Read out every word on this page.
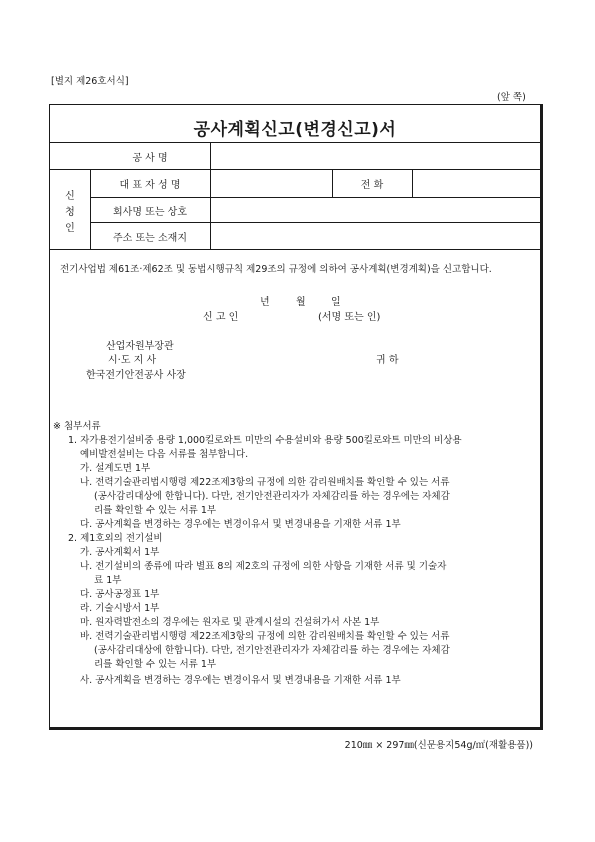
[별지 제26호서식]
(앞 쪽)
공사계획신고(변경신고)서
공 사 명
신
청
인
대 표 자 성 명	전 화
회사명 또는 상호
주소 또는 소재지
전기사업법 제61조·제62조 및 동법시행규칙 제29조의 규정에 의하여 공사계획(변경계획)을 신고합니다.
년	월	일
신 고 인	(서명 또는 인)
산업자원부장관
시·도 지 사	귀 하
한국전기안전공사 사장
※ 첨부서류
1. 자가용전기설비중 용량 1,000킬로와트 미만의 수용설비와 용량 500킬로와트 미만의 비상용
예비발전설비는 다음 서류를 첨부합니다.
가. 설계도면 1부
나. 전력기술관리법시행령 제22조제3항의 규정에 의한 감리원배치를 확인할 수 있는 서류
(공사감리대상에 한합니다). 다만, 전기안전관리자가 자체감리를 하는 경우에는 자체감
리를 확인할 수 있는 서류 1부
다. 공사계획을 변경하는 경우에는 변경이유서 및 변경내용을 기재한 서류 1부
2. 제1호외의 전기설비
가. 공사계획서 1부
나. 전기설비의 종류에 따라 별표 8의 제2호의 규정에 의한 사항을 기재한 서류 및 기술자
료 1부
다. 공사공정표 1부
라. 기술시방서 1부
마. 원자력발전소의 경우에는 원자로 및 관계시설의 건설허가서 사본 1부
바. 전력기술관리법시행령 제22조제3항의 규정에 의한 감리원배치를 확인할 수 있는 서류
(공사감리대상에 한합니다). 다만, 전기안전관리자가 자체감리를 하는 경우에는 자체감
리를 확인할 수 있는 서류 1부
사. 공사계획을 변경하는 경우에는 변경이유서 및 변경내용을 기재한 서류 1부
210㎜ × 297㎜(신문용지54g/㎡(재활용품))
